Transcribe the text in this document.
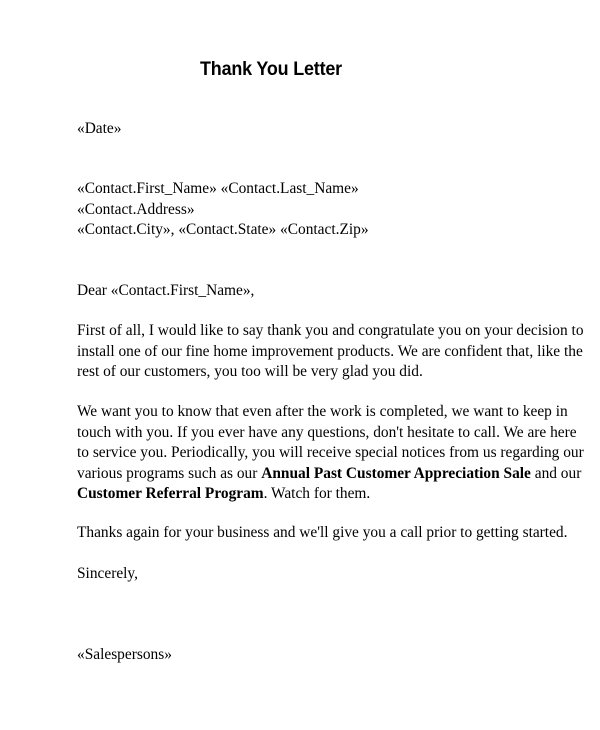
Thank You Letter
«Date»
«Contact.First_Name» «Contact.Last_Name»
«Contact.Address»
«Contact.City», «Contact.State» «Contact.Zip»
Dear «Contact.First_Name»,
First of all, I would like to say thank you and congratulate you on your decision to
install one of our fine home improvement products. We are confident that, like the
rest of our customers, you too will be very glad you did.
We want you to know that even after the work is completed, we want to keep in
touch with you. If you ever have any questions, don't hesitate to call. We are here
to service you. Periodically, you will receive special notices from us regarding our
various programs such as our Annual Past Customer Appreciation Sale and our
Customer Referral Program. Watch for them.
Thanks again for your business and we'll give you a call prior to getting started.
Sincerely,
«Salespersons»
